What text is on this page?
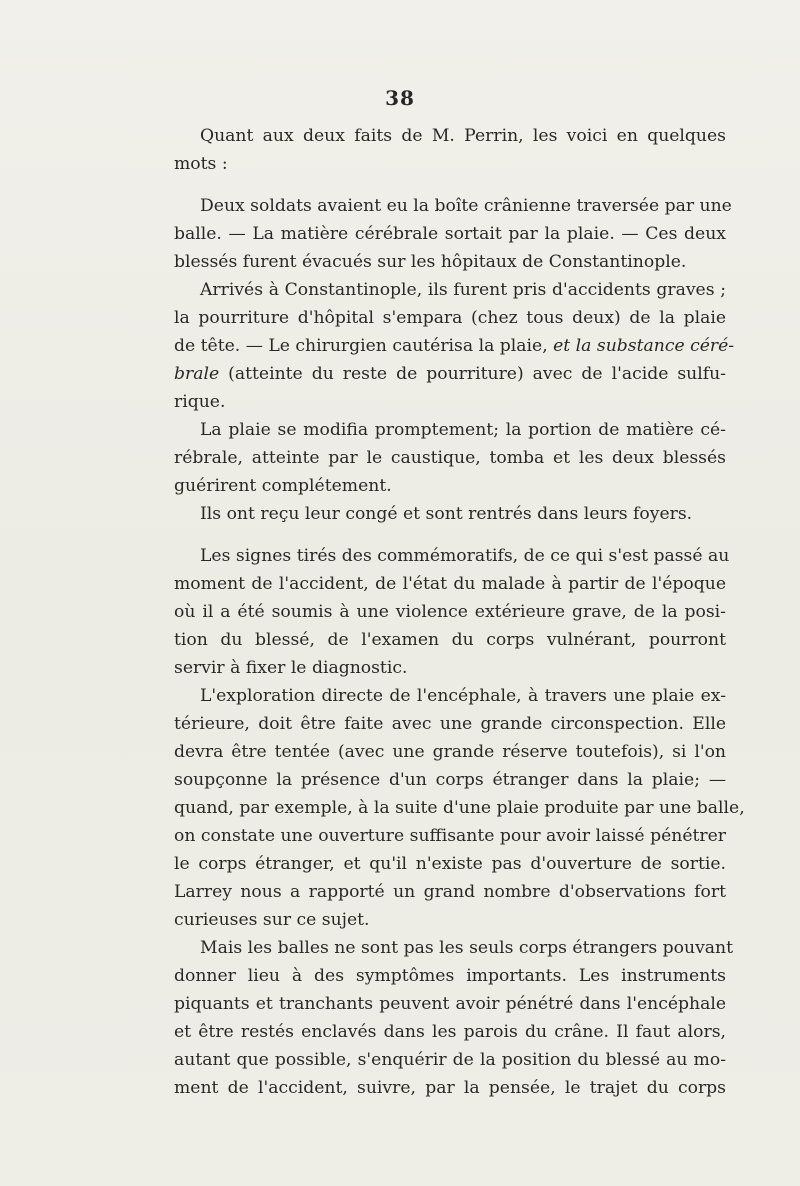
38
Quant aux deux faits de M. Perrin, les voici en quelques
mots :
Deux soldats avaient eu la boîte crânienne traversée par une
balle. — La matière cérébrale sortait par la plaie. — Ces deux
blessés furent évacués sur les hôpitaux de Constantinople.
Arrivés à Constantinople, ils furent pris d'accidents graves ;
la pourriture d'hôpital s'empara (chez tous deux) de la plaie
de tête. — Le chirurgien cautérisa la plaie, et la substance céré-
brale (atteinte du reste de pourriture) avec de l'acide sulfu-
rique.
La plaie se modifia promptement; la portion de matière cé-
rébrale, atteinte par le caustique, tomba et les deux blessés
guérirent complétement.
Ils ont reçu leur congé et sont rentrés dans leurs foyers.
Les signes tirés des commémoratifs, de ce qui s'est passé au
moment de l'accident, de l'état du malade à partir de l'époque
où il a été soumis à une violence extérieure grave, de la posi-
tion du blessé, de l'examen du corps vulnérant, pourront
servir à fixer le diagnostic.
L'exploration directe de l'encéphale, à travers une plaie ex-
térieure, doit être faite avec une grande circonspection. Elle
devra être tentée (avec une grande réserve toutefois), si l'on
soupçonne la présence d'un corps étranger dans la plaie; —
quand, par exemple, à la suite d'une plaie produite par une balle,
on constate une ouverture suffisante pour avoir laissé pénétrer
le corps étranger, et qu'il n'existe pas d'ouverture de sortie.
Larrey nous a rapporté un grand nombre d'observations fort
curieuses sur ce sujet.
Mais les balles ne sont pas les seuls corps étrangers pouvant
donner lieu à des symptômes importants. Les instruments
piquants et tranchants peuvent avoir pénétré dans l'encéphale
et être restés enclavés dans les parois du crâne. Il faut alors,
autant que possible, s'enquérir de la position du blessé au mo-
ment de l'accident, suivre, par la pensée, le trajet du corps
